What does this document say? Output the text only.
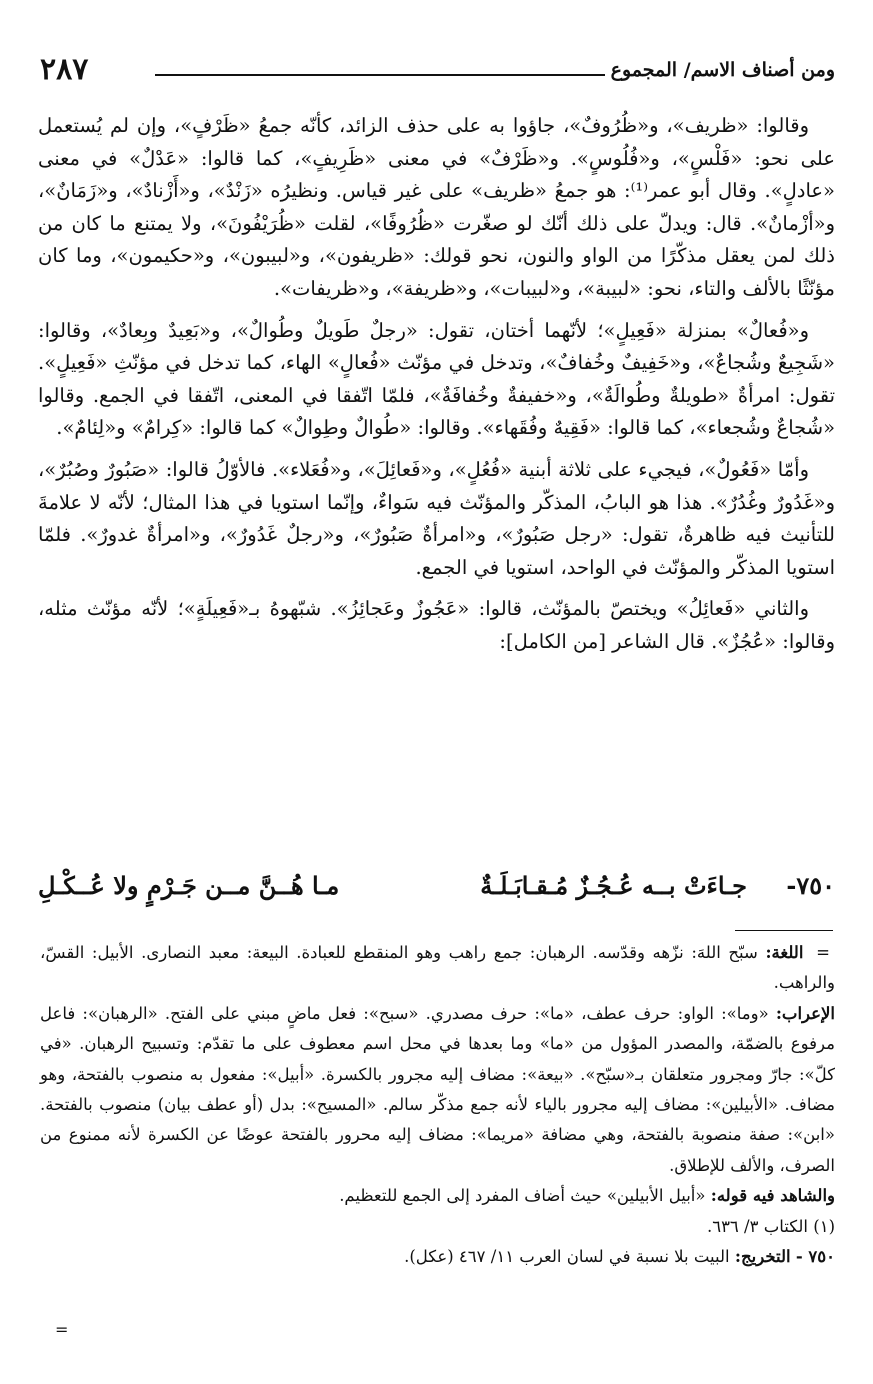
٢٨٧	ومن أصناف الاسم/ المجموع

وقالوا: «ظريف»، و«ظُرُوفٌ»، جاؤوا به على حذف الزائد، كأنّه جمعُ «ظَرْفٍ»، وإن لم يُستعمل على نحو: «فَلْسٍ»، و«فُلُوسٍ». و«ظَرْفٌ» في معنى «ظَرِيفٍ»، كما قالوا: «عَدْلٌ» في معنى «عادلٍ». وقال أبو عمر⁽¹⁾: هو جمعُ «ظريف» على غير قياس. ونظيرُه «زَنْدٌ»، و«أَزْنادٌ»، و«زَمَانٌ»، و«أزْمانٌ». قال: ويدلّ على ذلك أنّك لو صغّرت «ظُرُوفًا»، لقلت «ظُرَيْفُونَ»، ولا يمتنع ما كان من ذلك لمن يعقل مذكّرًا من الواو والنون، نحو قولك: «ظريفون»، و«لبيبون»، و«حكيمون»، وما كان مؤنّثًا بالألف والتاء، نحو: «لبيبة»، و«لبيبات»، و«ظريفة»، و«ظريفات».

و«فُعالٌ» بمنزلة «فَعِيلٍ»؛ لأنّهما أختان، تقول: «رجلٌ طَويلٌ وطُوالٌ»، و«بَعِيدٌ وبِعادٌ»، وقالوا: «شَجِيعٌ وشُجاعٌ»، و«خَفِيفٌ وخُفافٌ»، وتدخل في مؤنّث «فُعالٍ» الهاء، كما تدخل في مؤنّثِ «فَعِيلٍ». تقول: امرأةٌ «طويلةٌ وطُوالَةٌ»، و«خفيفةٌ وخُفافَةٌ»، فلمّا اتّفقا في المعنى، اتّفقا في الجمع. وقالوا «شُجاعٌ وشُجعاء»، كما قالوا: «فَقِيهٌ وفُقَهاء». وقالوا: «طُوالٌ وطِوالٌ» كما قالوا: «كِرامٌ» و«لِئامٌ».

وأمّا «فَعُولٌ»، فيجيء على ثلاثة أبنية «فُعُلٍ»، و«فَعائِلَ»، و«فُعَلاء». فالأوّلُ قالوا: «صَبُورٌ وصُبُرٌ»، و«غَدُورٌ وغُدُرٌ». هذا هو البابُ، المذكّر والمؤنّث فيه سَواءٌ، وإنّما استويا في هذا المثال؛ لأنّه لا علامةَ للتأنيث فيه ظاهرةٌ، تقول: «رجل صَبُورٌ»، و«امرأةٌ صَبُورٌ»، و«رجلٌ غَدُورٌ»، و«امرأةٌ غدورٌ». فلمّا استويا المذكّر والمؤنّث في الواحد، استويا في الجمع.

والثاني «فَعائِلُ» ويختصّ بالمؤنّث، قالوا: «عَجُوزٌ وعَجائِزُ». شبّهوهُ بـ«فَعِيلَةٍ»؛ لأنّه مؤنّث مثله، وقالوا: «عُجُزٌ». قال الشاعر [من الكامل]:

٧٥٠-
جـاءَتْ بــه عُـجُـزٌ مُـقـابَـلَـةٌ
مـا هُــنَّ مــن جَـرْمٍ ولا عُــكْـلِ

= اللغة: سبّح اللهَ: نزّهه وقدّسه. الرهبان: جمع راهب وهو المنقطع للعبادة. البيعة: معبد النصارى. الأبيل: القسّ، والراهب.

الإعراب: «وما»: الواو: حرف عطف، «ما»: حرف مصدري. «سبح»: فعل ماضٍ مبني على الفتح. «الرهبان»: فاعل مرفوع بالضمّة، والمصدر المؤول من «ما» وما بعدها في محل اسم معطوف على ما تقدّم: وتسبيح الرهبان. «في كلّ»: جارّ ومجرور متعلقان بـ«سبّح». «بيعة»: مضاف إليه مجرور بالكسرة. «أبيل»: مفعول به منصوب بالفتحة، وهو مضاف. «الأبيلين»: مضاف إليه مجرور بالياء لأنه جمع مذكّر سالم. «المسيح»: بدل (أو عطف بيان) منصوب بالفتحة. «ابن»: صفة منصوبة بالفتحة، وهي مضافة «مريما»: مضاف إليه محرور بالفتحة عوضًا عن الكسرة لأنه ممنوع من الصرف، والألف للإطلاق.

والشاهد فيه قوله: «أبيل الأبيلين» حيث أضاف المفرد إلى الجمع للتعظيم.

(١) الكتاب ٣/ ٦٣٦.

٧٥٠ - التخريج: البيت بلا نسبة في لسان العرب ١١/ ٤٦٧ (عكل).

=
